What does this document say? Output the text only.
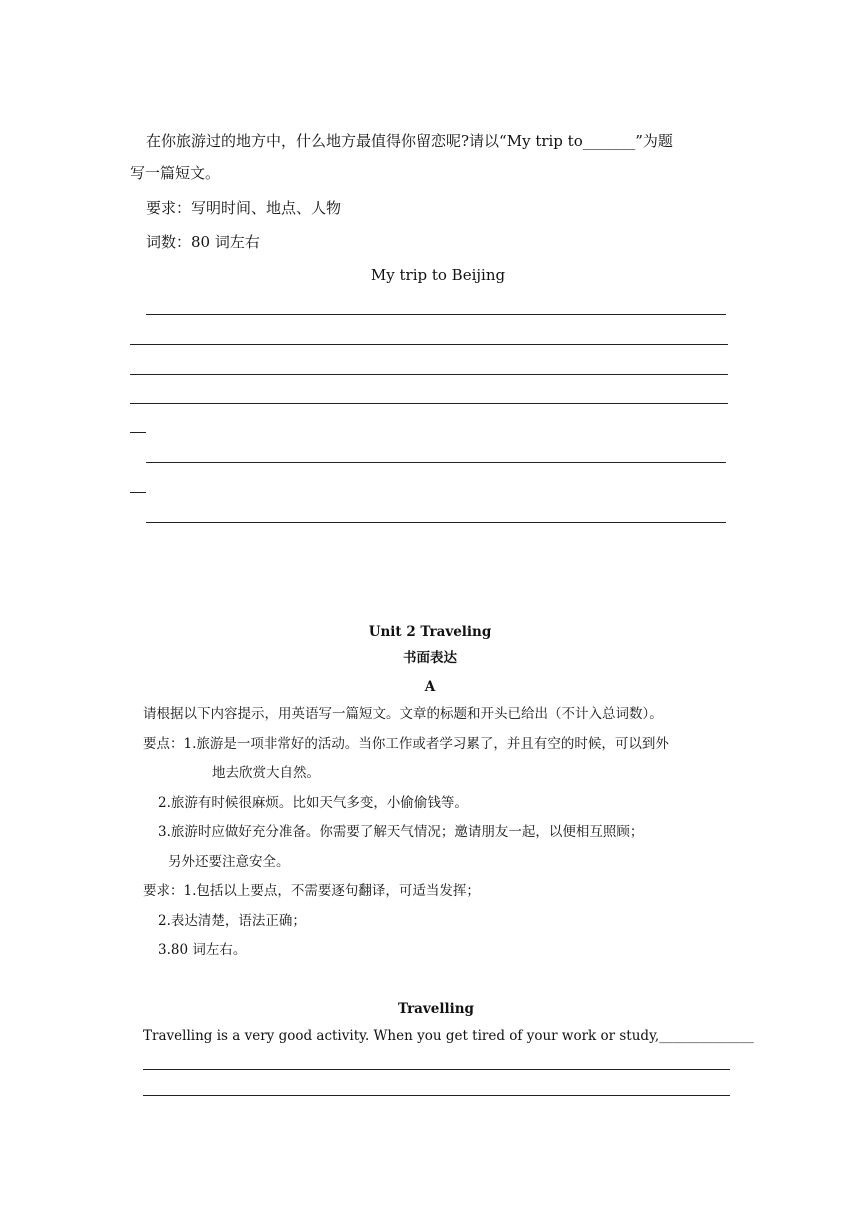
在你旅游过的地方中，什么地方最值得你留恋呢?请以“My trip to_______”为题
写一篇短文。
要求：写明时间、地点、人物
词数：80 词左右
My trip to Beijing
Unit 2 Traveling
书面表达
A
请根据以下内容提示，用英语写一篇短文。文章的标题和开头已给出（不计入总词数）。
要点：1.旅游是一项非常好的活动。当你工作或者学习累了，并且有空的时候，可以到外
地去欣赏大自然。
2.旅游有时候很麻烦。比如天气多变，小偷偷钱等。
3.旅游时应做好充分准备。你需要了解天气情况；邀请朋友一起，以便相互照顾；
另外还要注意安全。
要求：1.包括以上要点，不需要逐句翻译，可适当发挥；
2.表达清楚，语法正确；
3.80 词左右。
Travelling
Travelling is a very good activity. When you get tired of your work or study,______________
